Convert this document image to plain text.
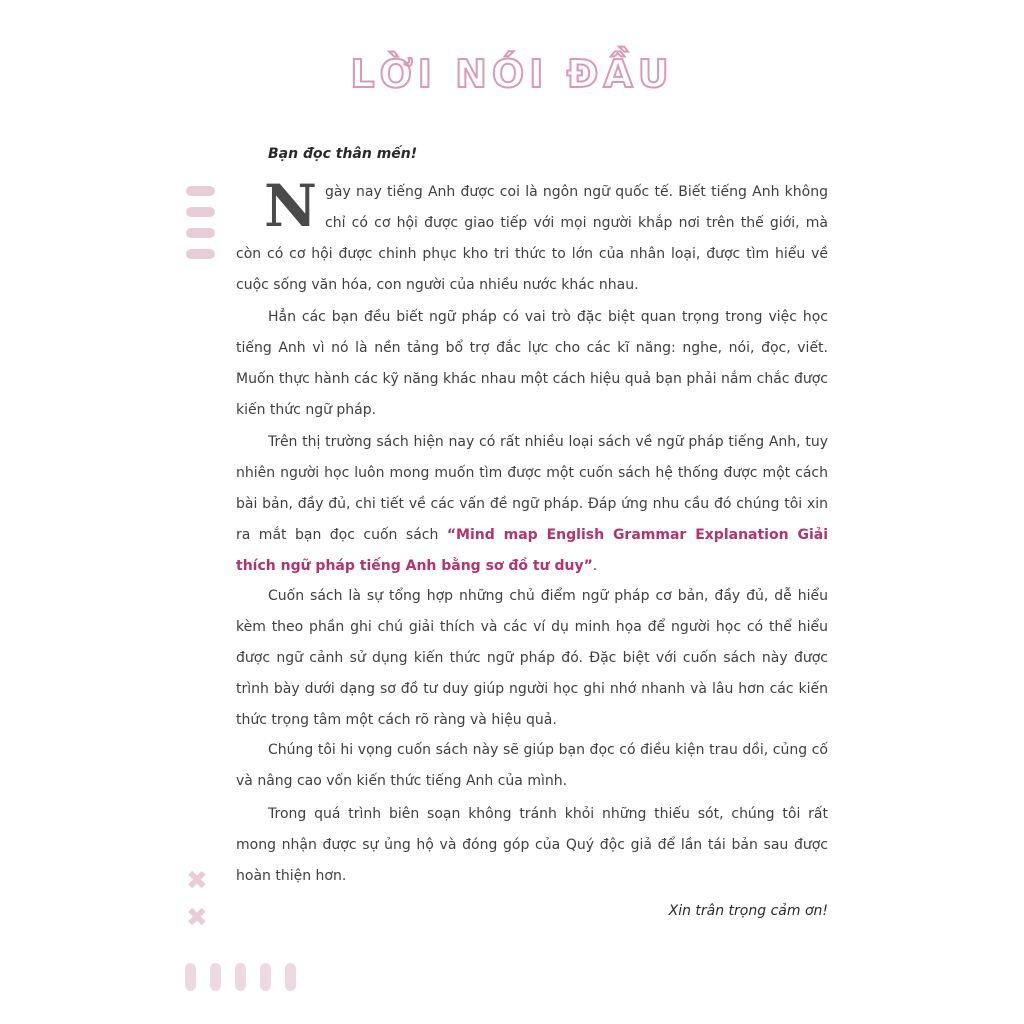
LỜI NÓI ĐẦU
Bạn đọc thân mến!

Ngày nay tiếng Anh được coi là ngôn ngữ quốc tế. Biết tiếng Anh không chỉ có cơ hội được giao tiếp với mọi người khắp nơi trên thế giới, mà còn có cơ hội được chinh phục kho tri thức to lớn của nhân loại, được tìm hiểu về cuộc sống văn hóa, con người của nhiều nước khác nhau.

Hẳn các bạn đều biết ngữ pháp có vai trò đặc biệt quan trọng trong việc học tiếng Anh vì nó là nền tảng bổ trợ đắc lực cho các kĩ năng: nghe, nói, đọc, viết. Muốn thực hành các kỹ năng khác nhau một cách hiệu quả bạn phải nắm chắc được kiến thức ngữ pháp.

Trên thị trường sách hiện nay có rất nhiều loại sách về ngữ pháp tiếng Anh, tuy nhiên người học luôn mong muốn tìm được một cuốn sách hệ thống được một cách bài bản, đầy đủ, chi tiết về các vấn đề ngữ pháp. Đáp ứng nhu cầu đó chúng tôi xin ra mắt bạn đọc cuốn sách “Mind map English Grammar Explanation Giải thích ngữ pháp tiếng Anh bằng sơ đồ tư duy”.

Cuốn sách là sự tổng hợp những chủ điểm ngữ pháp cơ bản, đầy đủ, dễ hiểu kèm theo phần ghi chú giải thích và các ví dụ minh họa để người học có thể hiểu được ngữ cảnh sử dụng kiến thức ngữ pháp đó. Đặc biệt với cuốn sách này được trình bày dưới dạng sơ đồ tư duy giúp người học ghi nhớ nhanh và lâu hơn các kiến thức trọng tâm một cách rõ ràng và hiệu quả.

Chúng tôi hi vọng cuốn sách này sẽ giúp bạn đọc có điều kiện trau dồi, củng cố và nâng cao vốn kiến thức tiếng Anh của mình.

Trong quá trình biên soạn không tránh khỏi những thiếu sót, chúng tôi rất mong nhận được sự ủng hộ và đóng góp của Quý độc giả để lần tái bản sau được hoàn thiện hơn.

Xin trân trọng cảm ơn!
✖
✖
